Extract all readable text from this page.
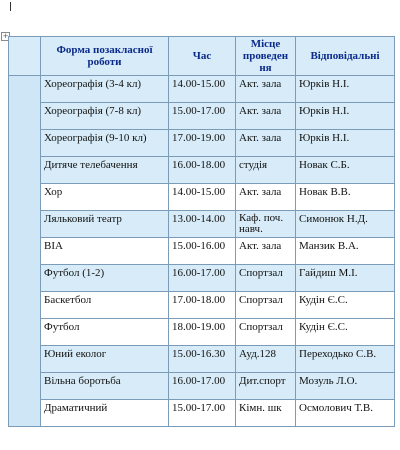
+
	Форма позакласної роботи	Час	Місце проведен ня	Відповідальні
	Хореографія (3-4 кл)	14.00-15.00	Акт. зала	Юрків Н.І.
	Хореографія (7-8 кл)	15.00-17.00	Акт. зала	Юрків Н.І.
	Хореографія (9-10 кл)	17.00-19.00	Акт. зала	Юрків Н.І.
	Дитяче телебачення	16.00-18.00	студія	Новак С.Б.
	Хор	14.00-15.00	Акт. зала	Новак В.В.
	Ляльковий театр	13.00-14.00	Каф. поч. навч.	Симонюк Н.Д.
	ВІА	15.00-16.00	Акт. зала	Манзик В.А.
	Футбол (1-2)	16.00-17.00	Спортзал	Гайдиш М.І.
	Баскетбол	17.00-18.00	Спортзал	Кудін Є.С.
	Футбол	18.00-19.00	Спортзал	Кудін Є.С.
	Юний еколог	15.00-16.30	Ауд.128	Переходько С.В.
	Вільна боротьба	16.00-17.00	Дит.спорт	Мозуль Л.О.
	Драматичний	15.00-17.00	Кімн. шк	Осмолович Т.В.
